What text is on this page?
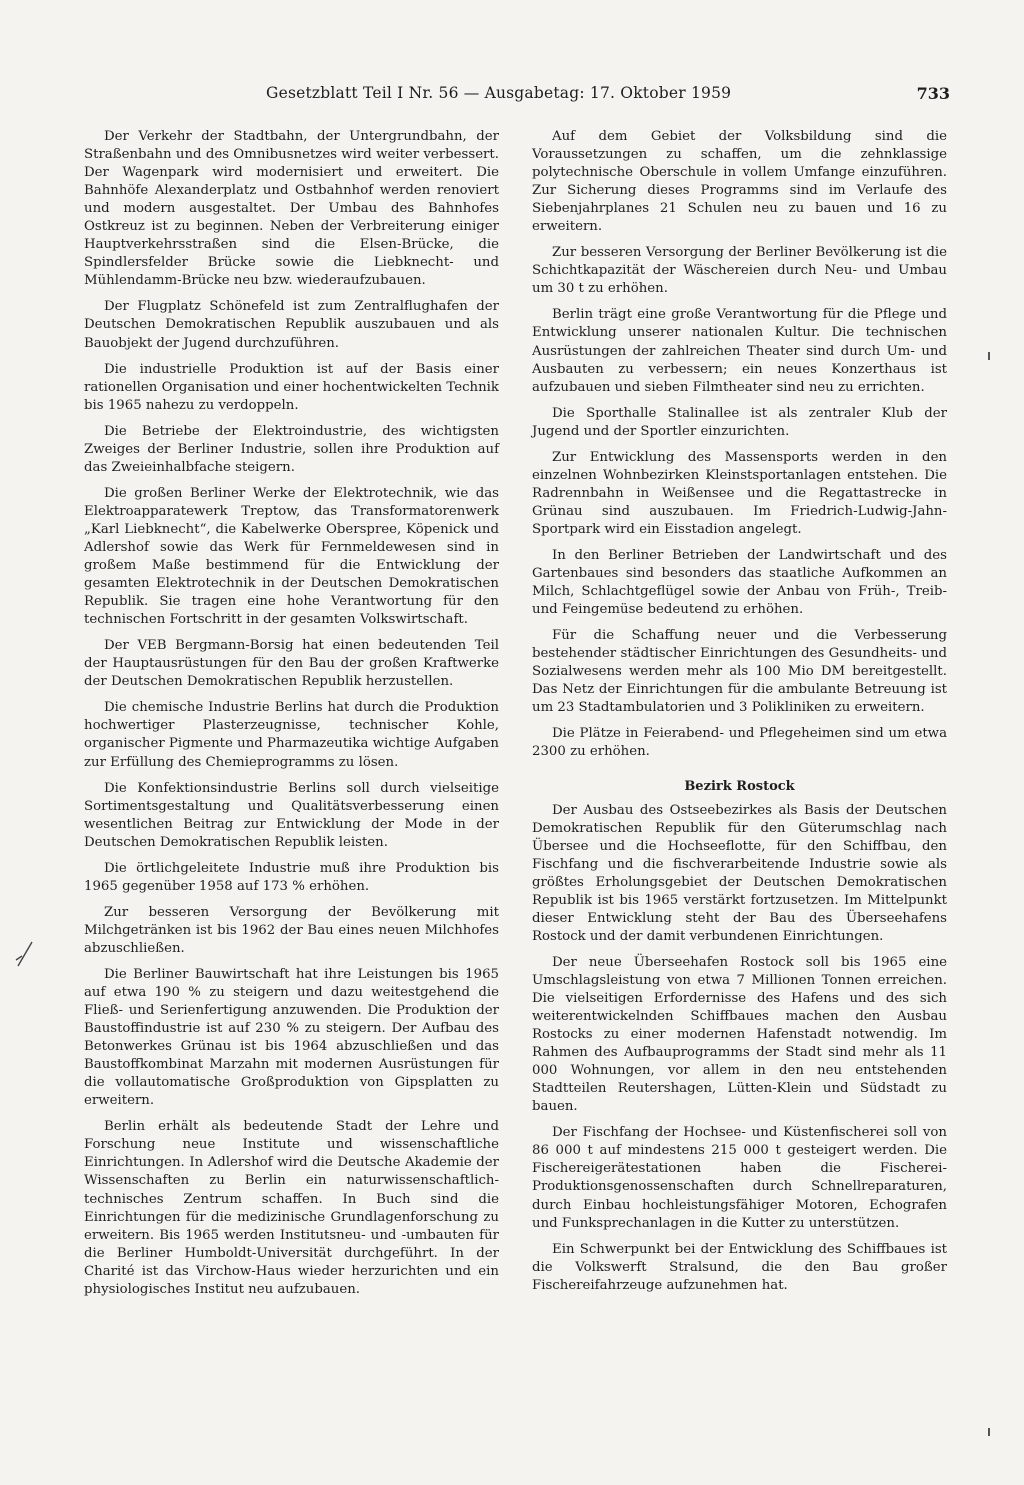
Gesetzblatt Teil I Nr. 56 — Ausgabetag: 17. Oktober 1959	733

Der Verkehr der Stadtbahn, der Untergrundbahn, der Straßenbahn und des Omnibusnetzes wird weiter verbessert. Der Wagenpark wird modernisiert und erweitert. Die Bahnhöfe Alexanderplatz und Ostbahnhof werden renoviert und modern ausgestaltet. Der Umbau des Bahnhofes Ostkreuz ist zu beginnen. Neben der Verbreiterung einiger Hauptverkehrsstraßen sind die Elsen-Brücke, die Spindlersfelder Brücke sowie die Liebknecht- und Mühlendamm-Brücke neu bzw. wiederaufzubauen.

Der Flugplatz Schönefeld ist zum Zentralflughafen der Deutschen Demokratischen Republik auszubauen und als Bauobjekt der Jugend durchzuführen.

Die industrielle Produktion ist auf der Basis einer rationellen Organisation und einer hochentwickelten Technik bis 1965 nahezu zu verdoppeln.

Die Betriebe der Elektroindustrie, des wichtigsten Zweiges der Berliner Industrie, sollen ihre Produktion auf das Zweieinhalbfache steigern.

Die großen Berliner Werke der Elektrotechnik, wie das Elektroapparatewerk Treptow, das Transformatorenwerk „Karl Liebknecht“, die Kabelwerke Oberspree, Köpenick und Adlershof sowie das Werk für Fernmeldewesen sind in großem Maße bestimmend für die Entwicklung der gesamten Elektrotechnik in der Deutschen Demokratischen Republik. Sie tragen eine hohe Verantwortung für den technischen Fortschritt in der gesamten Volkswirtschaft.

Der VEB Bergmann-Borsig hat einen bedeutenden Teil der Hauptausrüstungen für den Bau der großen Kraftwerke der Deutschen Demokratischen Republik herzustellen.

Die chemische Industrie Berlins hat durch die Produktion hochwertiger Plasterzeugnisse, technischer Kohle, organischer Pigmente und Pharmazeutika wichtige Aufgaben zur Erfüllung des Chemieprogramms zu lösen.

Die Konfektionsindustrie Berlins soll durch vielseitige Sortimentsgestaltung und Qualitätsverbesserung einen wesentlichen Beitrag zur Entwicklung der Mode in der Deutschen Demokratischen Republik leisten.

Die örtlichgeleitete Industrie muß ihre Produktion bis 1965 gegenüber 1958 auf 173 % erhöhen.

Zur besseren Versorgung der Bevölkerung mit Milchgetränken ist bis 1962 der Bau eines neuen Milchhofes abzuschließen.

Die Berliner Bauwirtschaft hat ihre Leistungen bis 1965 auf etwa 190 % zu steigern und dazu weitestgehend die Fließ- und Serienfertigung anzuwenden. Die Produktion der Baustoffindustrie ist auf 230 % zu steigern. Der Aufbau des Betonwerkes Grünau ist bis 1964 abzuschließen und das Baustoffkombinat Marzahn mit modernen Ausrüstungen für die vollautomatische Großproduktion von Gipsplatten zu erweitern.

Berlin erhält als bedeutende Stadt der Lehre und Forschung neue Institute und wissenschaftliche Einrichtungen. In Adlershof wird die Deutsche Akademie der Wissenschaften zu Berlin ein naturwissenschaftlich-technisches Zentrum schaffen. In Buch sind die Einrichtungen für die medizinische Grundlagenforschung zu erweitern. Bis 1965 werden Institutsneu- und -umbauten für die Berliner Humboldt-Universität durchgeführt. In der Charité ist das Virchow-Haus wieder herzurichten und ein physiologisches Institut neu aufzubauen.

Auf dem Gebiet der Volksbildung sind die Voraussetzungen zu schaffen, um die zehnklassige polytechnische Oberschule in vollem Umfange einzuführen. Zur Sicherung dieses Programms sind im Verlaufe des Siebenjahrplanes 21 Schulen neu zu bauen und 16 zu erweitern.

Zur besseren Versorgung der Berliner Bevölkerung ist die Schichtkapazität der Wäschereien durch Neu- und Umbau um 30 t zu erhöhen.

Berlin trägt eine große Verantwortung für die Pflege und Entwicklung unserer nationalen Kultur. Die technischen Ausrüstungen der zahlreichen Theater sind durch Um- und Ausbauten zu verbessern; ein neues Konzerthaus ist aufzubauen und sieben Filmtheater sind neu zu errichten.

Die Sporthalle Stalinallee ist als zentraler Klub der Jugend und der Sportler einzurichten.

Zur Entwicklung des Massensports werden in den einzelnen Wohnbezirken Kleinstsportanlagen entstehen. Die Radrennbahn in Weißensee und die Regattastrecke in Grünau sind auszubauen. Im Friedrich-Ludwig-Jahn-Sportpark wird ein Eisstadion angelegt.

In den Berliner Betrieben der Landwirtschaft und des Gartenbaues sind besonders das staatliche Aufkommen an Milch, Schlachtgeflügel sowie der Anbau von Früh-, Treib- und Feingemüse bedeutend zu erhöhen.

Für die Schaffung neuer und die Verbesserung bestehender städtischer Einrichtungen des Gesundheits- und Sozialwesens werden mehr als 100 Mio DM bereitgestellt. Das Netz der Einrichtungen für die ambulante Betreuung ist um 23 Stadtambulatorien und 3 Polikliniken zu erweitern.

Die Plätze in Feierabend- und Pflegeheimen sind um etwa 2300 zu erhöhen.

Bezirk Rostock

Der Ausbau des Ostseebezirkes als Basis der Deutschen Demokratischen Republik für den Güterumschlag nach Übersee und die Hochseeflotte, für den Schiffbau, den Fischfang und die fischverarbeitende Industrie sowie als größtes Erholungsgebiet der Deutschen Demokratischen Republik ist bis 1965 verstärkt fortzusetzen. Im Mittelpunkt dieser Entwicklung steht der Bau des Überseehafens Rostock und der damit verbundenen Einrichtungen.

Der neue Überseehafen Rostock soll bis 1965 eine Umschlagsleistung von etwa 7 Millionen Tonnen erreichen. Die vielseitigen Erfordernisse des Hafens und des sich weiterentwickelnden Schiffbaues machen den Ausbau Rostocks zu einer modernen Hafenstadt notwendig. Im Rahmen des Aufbauprogramms der Stadt sind mehr als 11 000 Wohnungen, vor allem in den neu entstehenden Stadtteilen Reutershagen, Lütten-Klein und Südstadt zu bauen.

Der Fischfang der Hochsee- und Küstenfischerei soll von 86 000 t auf mindestens 215 000 t gesteigert werden. Die Fischereigerätestationen haben die Fischerei-Produktionsgenossenschaften durch Schnellreparaturen, durch Einbau hochleistungsfähiger Motoren, Echografen und Funksprechanlagen in die Kutter zu unterstützen.

Ein Schwerpunkt bei der Entwicklung des Schiffbaues ist die Volkswerft Stralsund, die den Bau großer Fischereifahrzeuge aufzunehmen hat.
